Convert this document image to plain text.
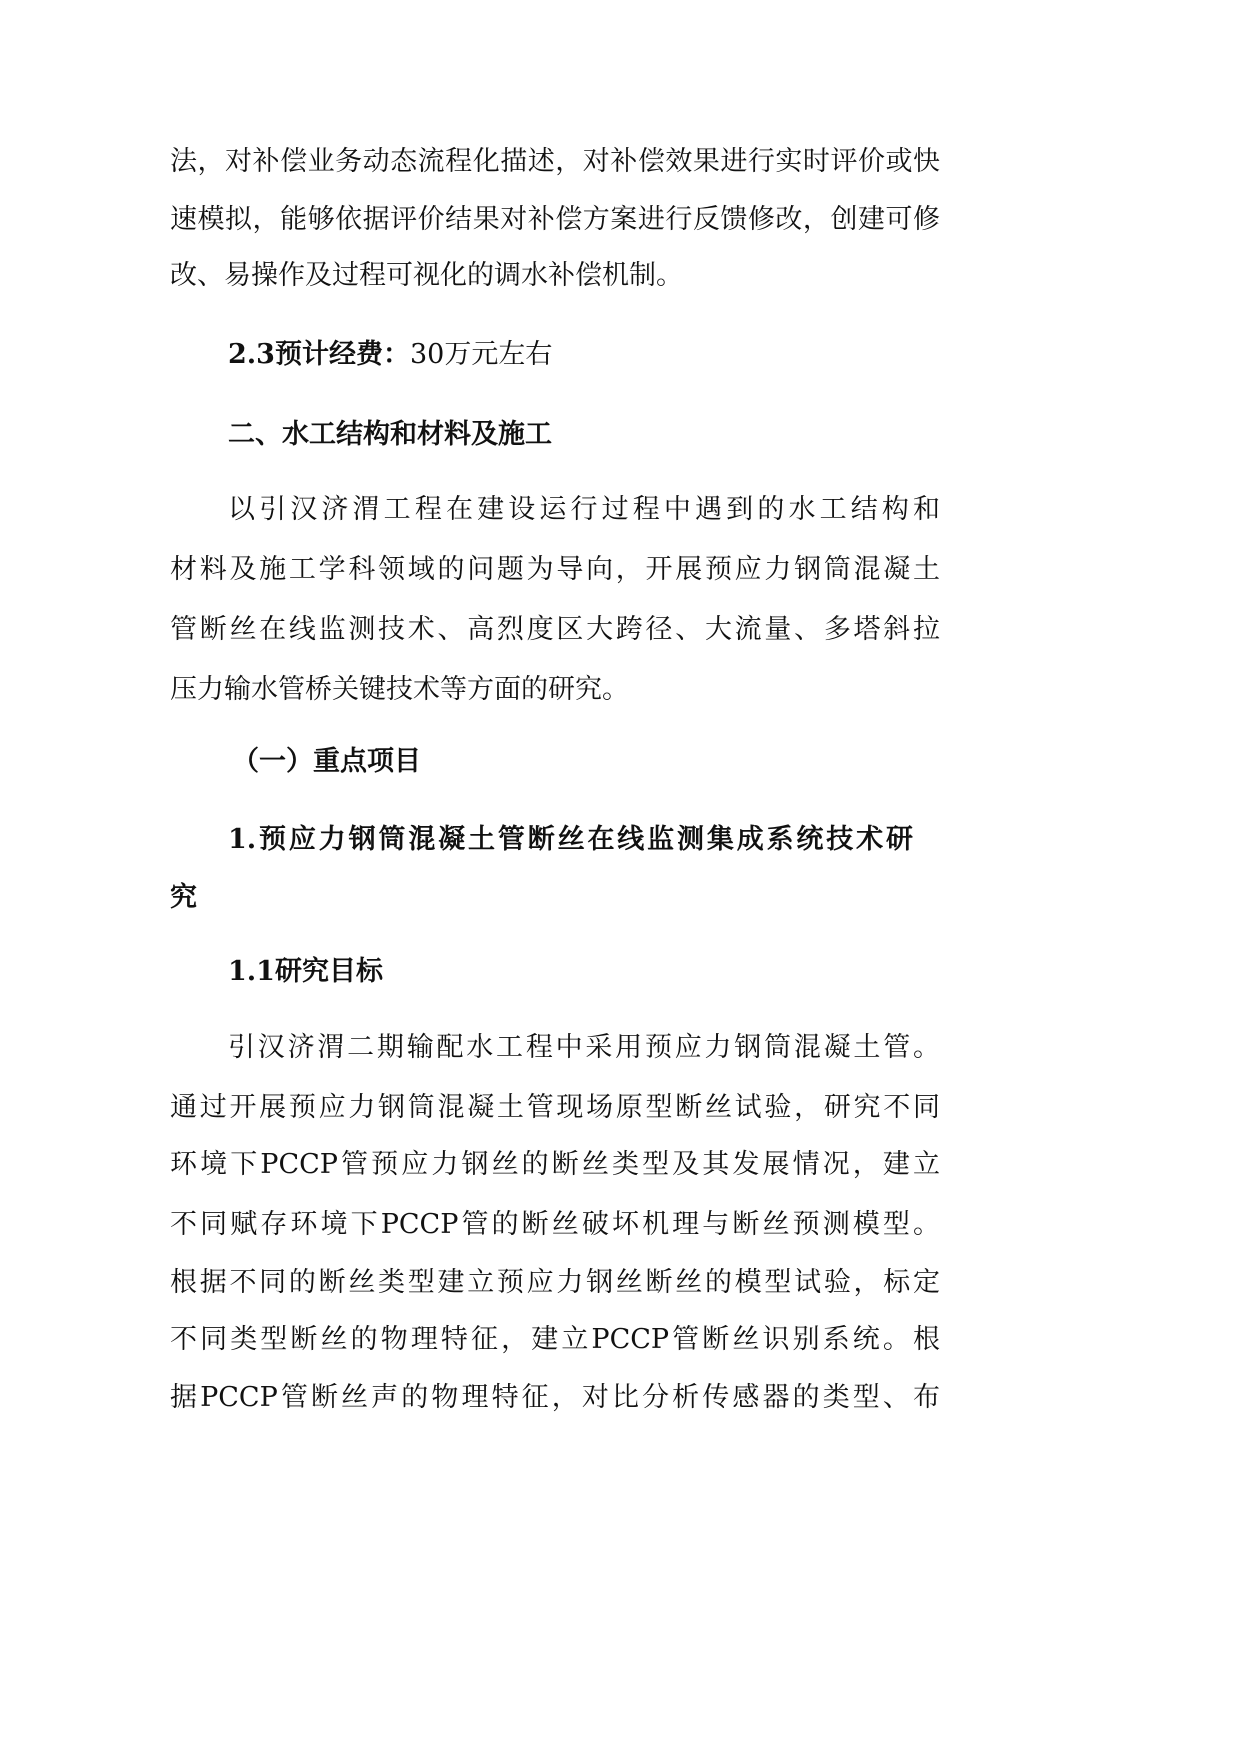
法，对补偿业务动态流程化描述，对补偿效果进行实时评价或快
速模拟，能够依据评价结果对补偿方案进行反馈修改，创建可修
改、易操作及过程可视化的调水补偿机制。
2.3预计经费：30万元左右
二、水工结构和材料及施工
以引汉济渭工程在建设运行过程中遇到的水工结构和
材料及施工学科领域的问题为导向，开展预应力钢筒混凝土
管断丝在线监测技术、高烈度区大跨径、大流量、多塔斜拉
压力输水管桥关键技术等方面的研究。
（一）重点项目
1.预应力钢筒混凝土管断丝在线监测集成系统技术研
究
1.1研究目标
引汉济渭二期输配水工程中采用预应力钢筒混凝土管。
通过开展预应力钢筒混凝土管现场原型断丝试验，研究不同
环境下PCCP管预应力钢丝的断丝类型及其发展情况，建立
不同赋存环境下PCCP管的断丝破坏机理与断丝预测模型。
根据不同的断丝类型建立预应力钢丝断丝的模型试验，标定
不同类型断丝的物理特征，建立PCCP管断丝识别系统。根
据PCCP管断丝声的物理特征，对比分析传感器的类型、布
